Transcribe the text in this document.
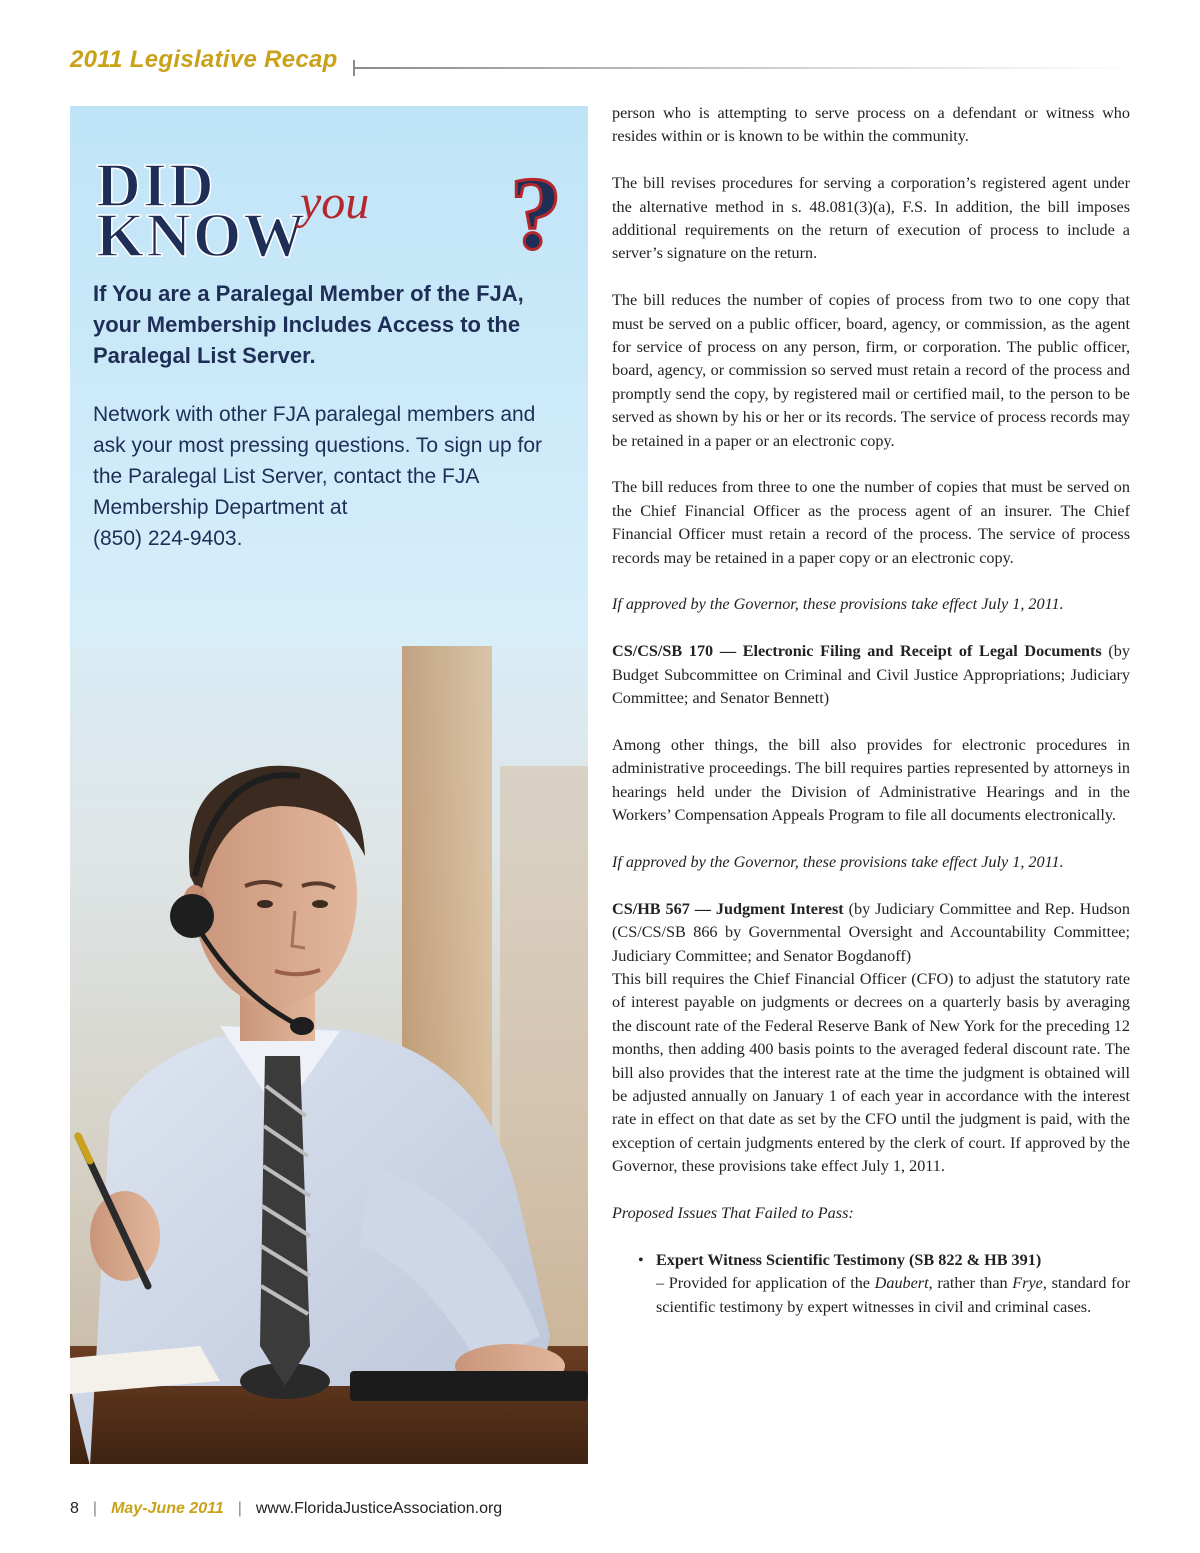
2011 Legislative Recap
DID
KNOW
you ?
If You are a Paralegal Member of the FJA, your Membership Includes Access to the Paralegal List Server.
Network with other FJA paralegal members and ask your most pressing questions. To sign up for the Paralegal List Server, contact the FJA Membership Department at
(850) 224-9403.

person who is attempting to serve process on a defendant or witness who resides within or is known to be within the community.

The bill revises procedures for serving a corporation’s registered agent under the alternative method in s. 48.081(3)(a), F.S. In addition, the bill imposes additional requirements on the return of execution of process to include a server’s signature on the return.

The bill reduces the number of copies of process from two to one copy that must be served on a public officer, board, agency, or commission, as the agent for service of process on any person, firm, or corporation. The public officer, board, agency, or commission so served must retain a record of the process and promptly send the copy, by registered mail or certified mail, to the person to be served as shown by his or her or its records. The service of process records may be retained in a paper or an electronic copy.

The bill reduces from three to one the number of copies that must be served on the Chief Financial Officer as the process agent of an insurer. The Chief Financial Officer must retain a record of the process. The service of process records may be retained in a paper copy or an electronic copy.

If approved by the Governor, these provisions take effect July 1, 2011.

CS/CS/SB 170 — Electronic Filing and Receipt of Legal Documents (by Budget Subcommittee on Criminal and Civil Justice Appropriations; Judiciary Committee; and Senator Bennett)

Among other things, the bill also provides for electronic procedures in administrative proceedings. The bill requires parties represented by attorneys in hearings held under the Division of Administrative Hearings and in the Workers’ Compensation Appeals Program to file all documents electronically.

If approved by the Governor, these provisions take effect July 1, 2011.

CS/HB 567 — Judgment Interest (by Judiciary Committee and Rep. Hudson (CS/CS/SB 866 by Governmental Oversight and Accountability Committee; Judiciary Committee; and Senator Bogdanoff)

This bill requires the Chief Financial Officer (CFO) to adjust the statutory rate of interest payable on judgments or decrees on a quarterly basis by averaging the discount rate of the Federal Reserve Bank of New York for the preceding 12 months, then adding 400 basis points to the averaged federal discount rate. The bill also provides that the interest rate at the time the judgment is obtained will be adjusted annually on January 1 of each year in accordance with the interest rate in effect on that date as set by the CFO until the judgment is paid, with the exception of certain judgments entered by the clerk of court. If approved by the Governor, these provisions take effect July 1, 2011.

Proposed Issues That Failed to Pass:

• Expert Witness Scientific Testimony (SB 822 & HB 391)
– Provided for application of the Daubert, rather than Frye, standard for scientific testimony by expert witnesses in civil and criminal cases.
8 | May-June 2011 | www.FloridaJusticeAssociation.org
